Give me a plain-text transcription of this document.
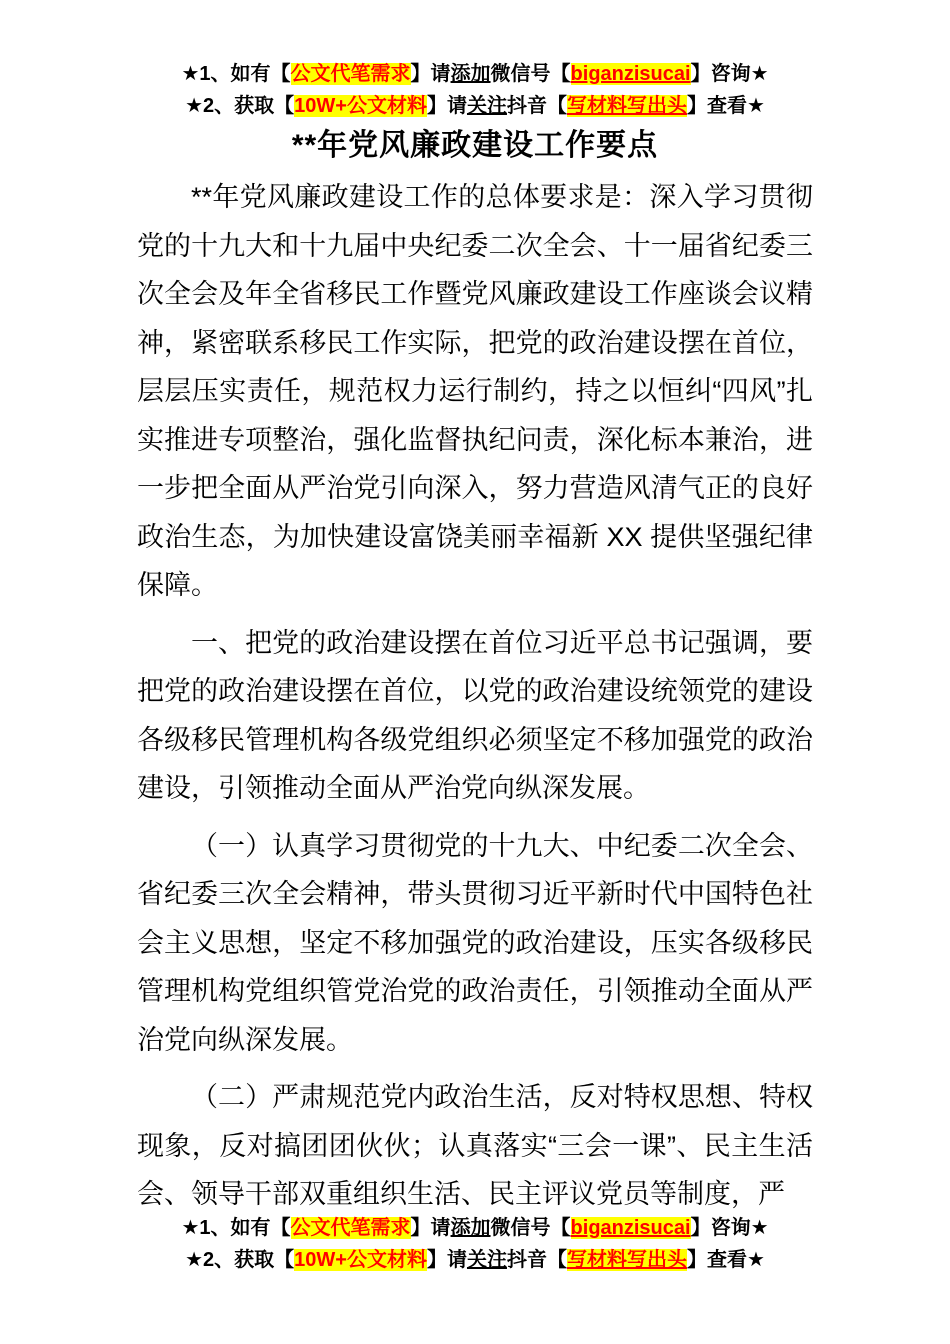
★1、如有【公文代笔需求】请添加微信号【biganzisucai】咨询★
★2、获取【10W+公文材料】请关注抖音【写材料写出头】查看★
**年党风廉政建设工作要点

**年党风廉政建设工作的总体要求是：深入学习贯彻党的十九大和十九届中央纪委二次全会、十一届省纪委三次全会及年全省移民工作暨党风廉政建设工作座谈会议精神，紧密联系移民工作实际，把党的政治建设摆在首位，层层压实责任，规范权力运行制约，持之以恒纠“四风”扎实推进专项整治，强化监督执纪问责，深化标本兼治，进一步把全面从严治党引向深入，努力营造风清气正的良好政治生态，为加快建设富饶美丽幸福新 XX 提供坚强纪律保障。

一、把党的政治建设摆在首位习近平总书记强调，要把党的政治建设摆在首位，以党的政治建设统领党的建设各级移民管理机构各级党组织必须坚定不移加强党的政治建设，引领推动全面从严治党向纵深发展。

（一）认真学习贯彻党的十九大、中纪委二次全会、省纪委三次全会精神，带头贯彻习近平新时代中国特色社会主义思想，坚定不移加强党的政治建设，压实各级移民管理机构党组织管党治党的政治责任，引领推动全面从严治党向纵深发展。

（二）严肃规范党内政治生活，反对特权思想、特权现象，反对搞团团伙伙；认真落实“三会一课”、民主生活会、领导干部双重组织生活、民主评议党员等制度，严

★1、如有【公文代笔需求】请添加微信号【biganzisucai】咨询★
★2、获取【10W+公文材料】请关注抖音【写材料写出头】查看★
